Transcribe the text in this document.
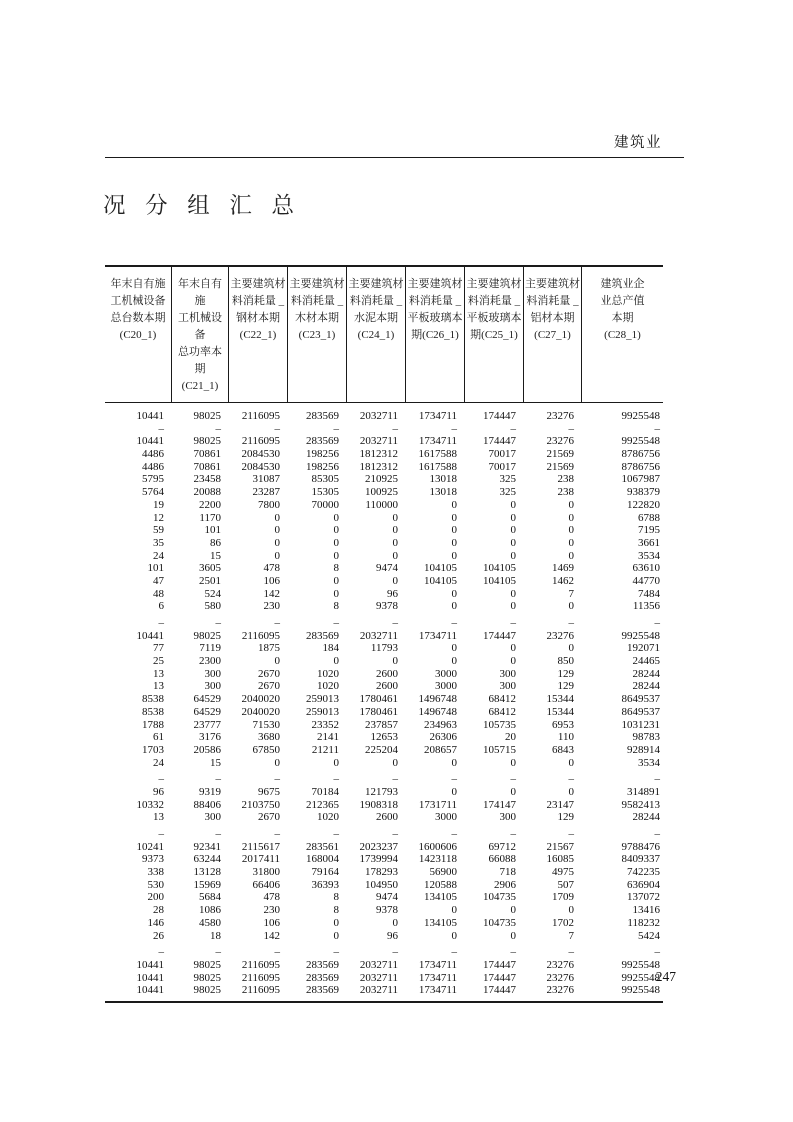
建筑业
况 分 组 汇 总
年末自有施
工机械设备
总台数本期
(C20_1)
年末自有施
工机械设备
总功率本期
(C21_1)
主要建筑材
料消耗量 _
钢材本期
(C22_1)
主要建筑材
料消耗量 _
木材本期
(C23_1)
主要建筑材
料消耗量 _
水泥本期
(C24_1)
主要建筑材
料消耗量 _
平板玻璃本
期(C26_1)
主要建筑材
料消耗量 _
平板玻璃本
期(C25_1)
主要建筑材
料消耗量 _
铝材本期
(C27_1)
建筑业企
业总产值
本期
(C28_1)
10441	98025	2116095	283569	2032711	1734711	174447	23276	9925548
–	–	–	–	–	–	–	–	–
10441	98025	2116095	283569	2032711	1734711	174447	23276	9925548
4486	70861	2084530	198256	1812312	1617588	70017	21569	8786756
4486	70861	2084530	198256	1812312	1617588	70017	21569	8786756
5795	23458	31087	85305	210925	13018	325	238	1067987
5764	20088	23287	15305	100925	13018	325	238	938379
19	2200	7800	70000	110000	0	0	0	122820
12	1170	0	0	0	0	0	0	6788
59	101	0	0	0	0	0	0	7195
35	86	0	0	0	0	0	0	3661
24	15	0	0	0	0	0	0	3534
101	3605	478	8	9474	104105	104105	1469	63610
47	2501	106	0	0	104105	104105	1462	44770
48	524	142	0	96	0	0	7	7484
6	580	230	8	9378	0	0	0	11356
–	–	–	–	–	–	–	–	–
10441	98025	2116095	283569	2032711	1734711	174447	23276	9925548
77	7119	1875	184	11793	0	0	0	192071
25	2300	0	0	0	0	0	850	24465
13	300	2670	1020	2600	3000	300	129	28244
13	300	2670	1020	2600	3000	300	129	28244
8538	64529	2040020	259013	1780461	1496748	68412	15344	8649537
8538	64529	2040020	259013	1780461	1496748	68412	15344	8649537
1788	23777	71530	23352	237857	234963	105735	6953	1031231
61	3176	3680	2141	12653	26306	20	110	98783
1703	20586	67850	21211	225204	208657	105715	6843	928914
24	15	0	0	0	0	0	0	3534
–	–	–	–	–	–	–	–	–
96	9319	9675	70184	121793	0	0	0	314891
10332	88406	2103750	212365	1908318	1731711	174147	23147	9582413
13	300	2670	1020	2600	3000	300	129	28244
–	–	–	–	–	–	–	–	–
10241	92341	2115617	283561	2023237	1600606	69712	21567	9788476
9373	63244	2017411	168004	1739994	1423118	66088	16085	8409337
338	13128	31800	79164	178293	56900	718	4975	742235
530	15969	66406	36393	104950	120588	2906	507	636904
200	5684	478	8	9474	134105	104735	1709	137072
28	1086	230	8	9378	0	0	0	13416
146	4580	106	0	0	134105	104735	1702	118232
26	18	142	0	96	0	0	7	5424
–	–	–	–	–	–	–	–	–
10441	98025	2116095	283569	2032711	1734711	174447	23276	9925548
10441	98025	2116095	283569	2032711	1734711	174447	23276	9925548
10441	98025	2116095	283569	2032711	1734711	174447	23276	9925548
247
